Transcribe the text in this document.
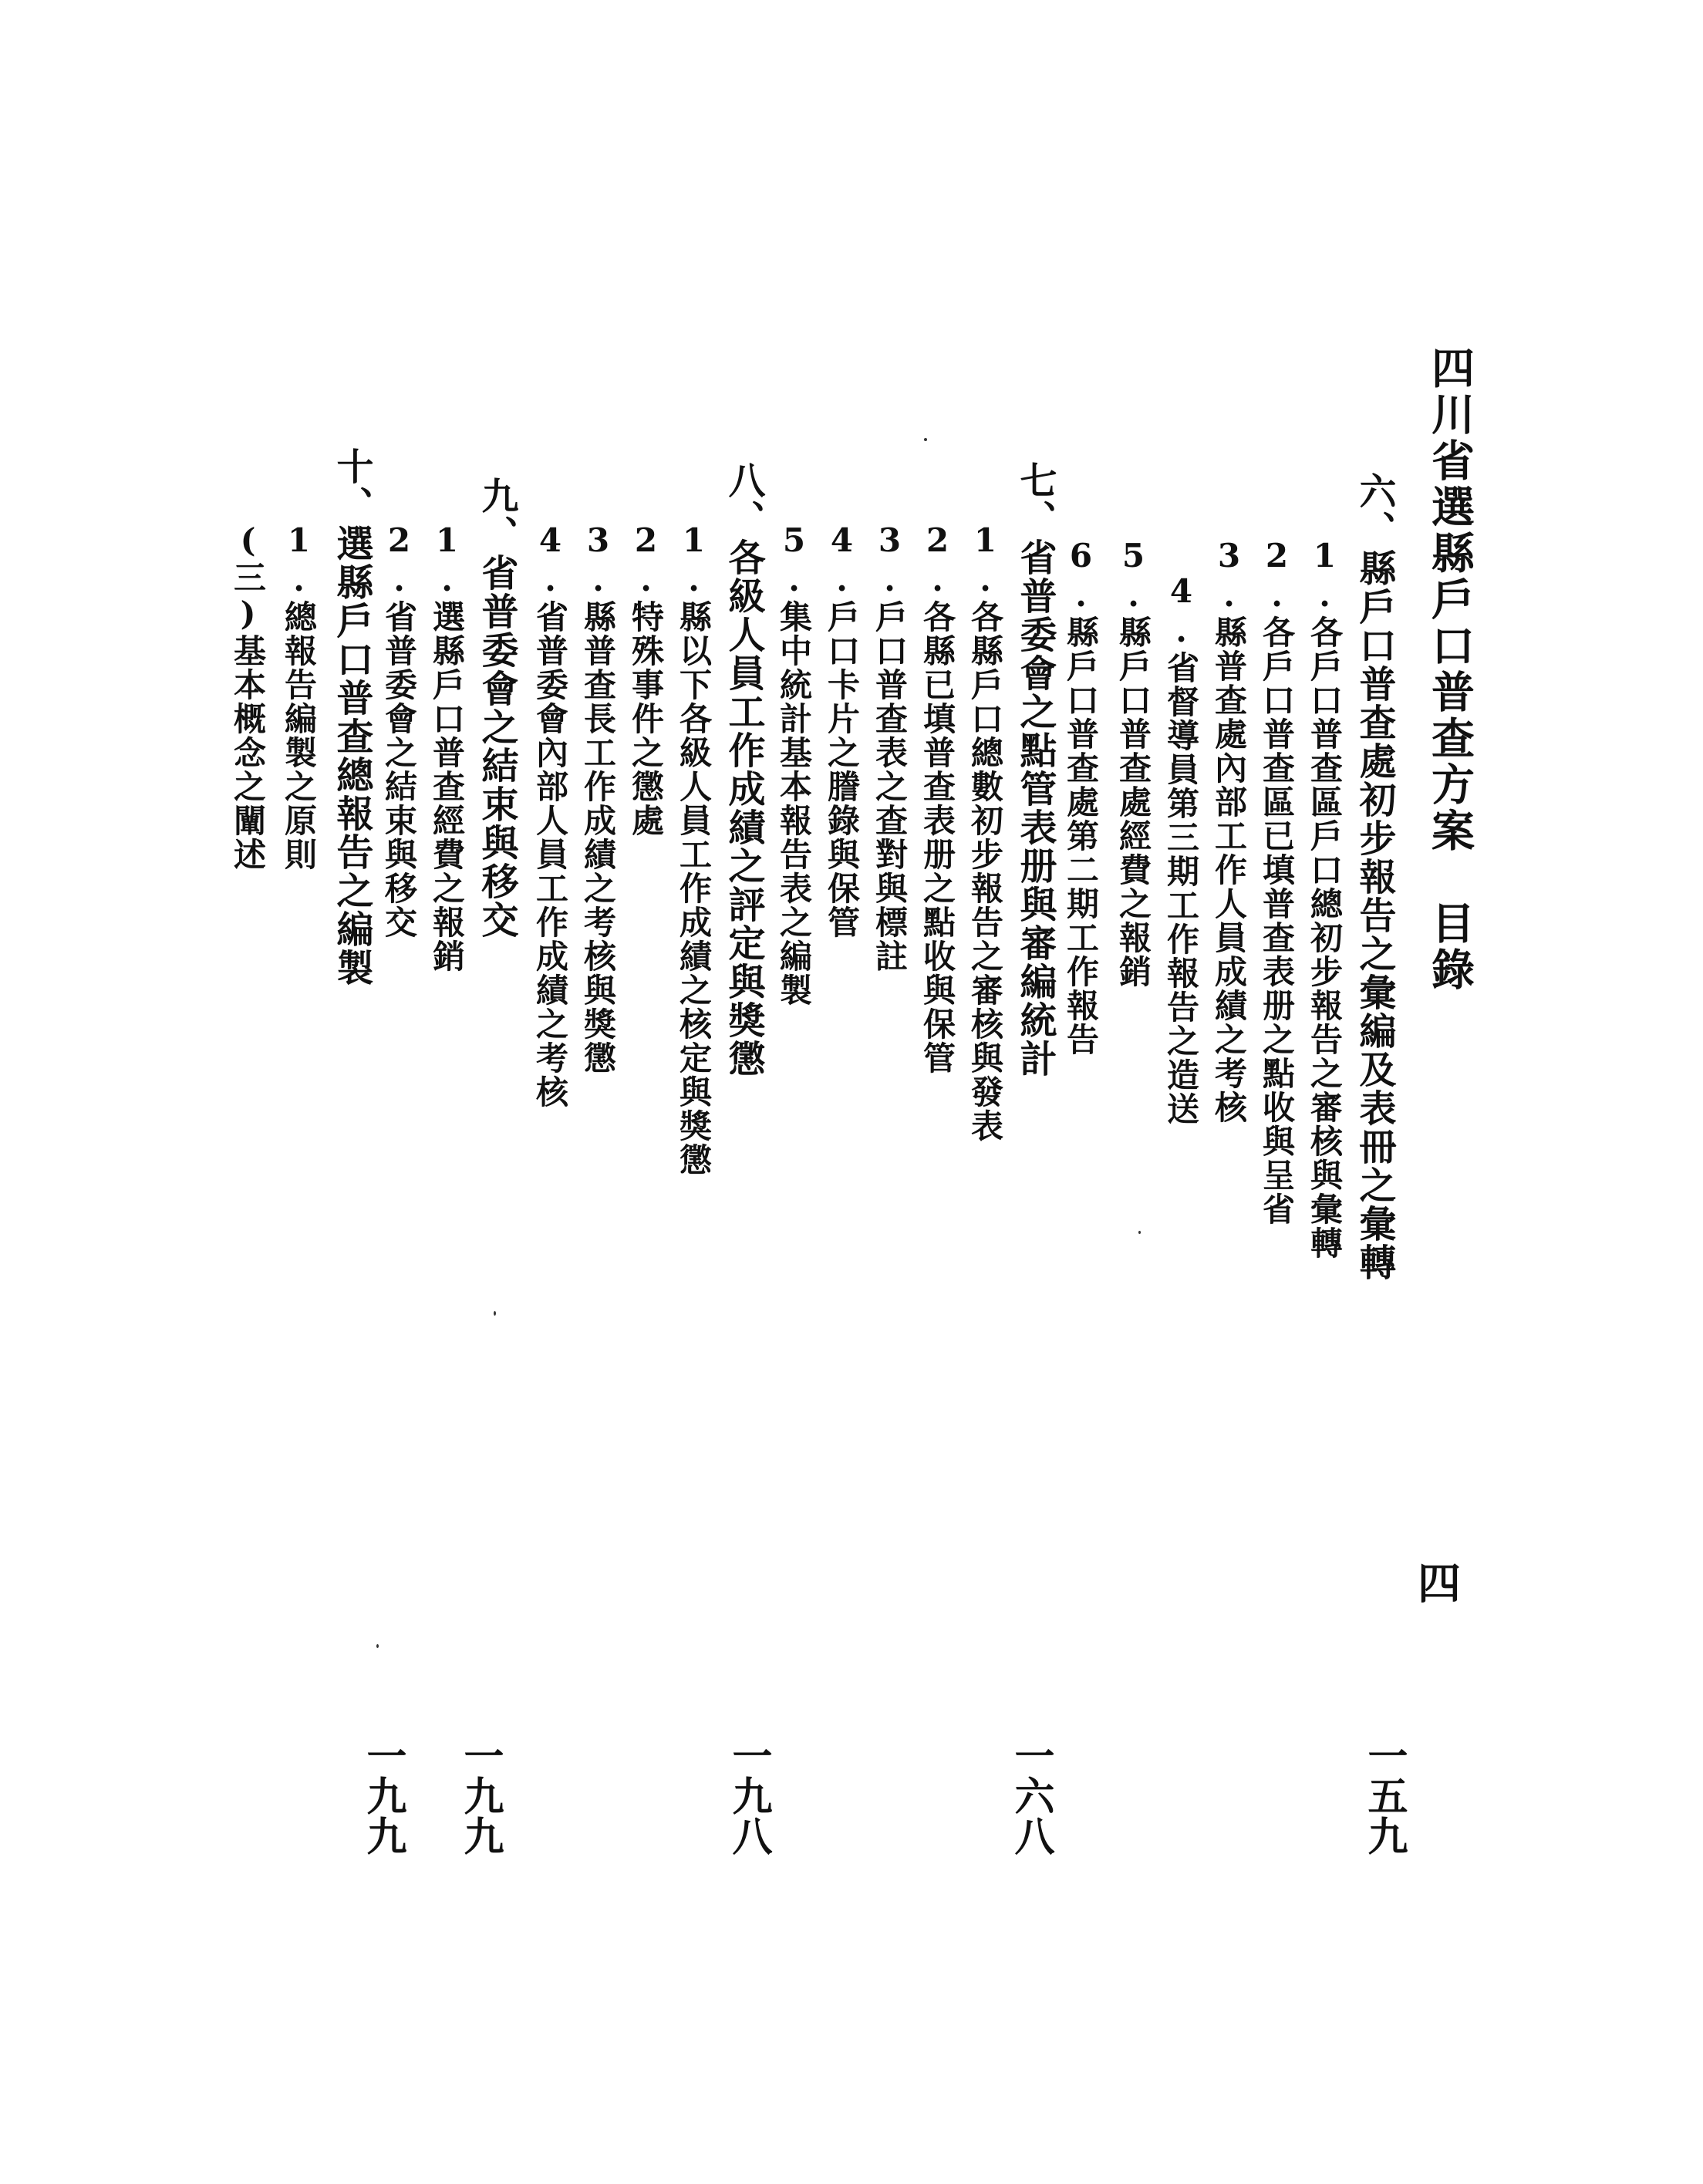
四川省選縣戶口普查方案　目錄
六、縣戶口普查處初步報告之彙編及表冊之彙轉
1.各戶口普查區戶口總初步報告之審核與彙轉
2.各戶口普查區已填普查表册之點收與呈省
3.縣普查處內部工作人員成績之考核
4.省督導員第三期工作報告之造送
5.縣戶口普查處經費之報銷
6.縣戶口普查處第二期工作報告
七、省普委會之點管表册與審編統計
1.各縣戶口總數初步報告之審核與發表
2.各縣已填普查表册之點收與保管
3.戶口普查表之查對與標註
4.戶口卡片之謄錄與保管
5.集中統計基本報告表之編製
八、各級人員工作成績之評定與獎懲
1.縣以下各級人員工作成績之核定與獎懲
2.特殊事件之懲處
3.縣普查長工作成績之考核與獎懲
4.省普委會內部人員工作成績之考核
九、省普委會之結束與移交
1.選縣戶口普查經費之報銷
2.省普委會之結束與移交
十、選縣戶口普查總報告之編製
1.總報告編製之原則
(三)基本概念之闡述
一五九
一六八
一九八
一九九
一九九
四
